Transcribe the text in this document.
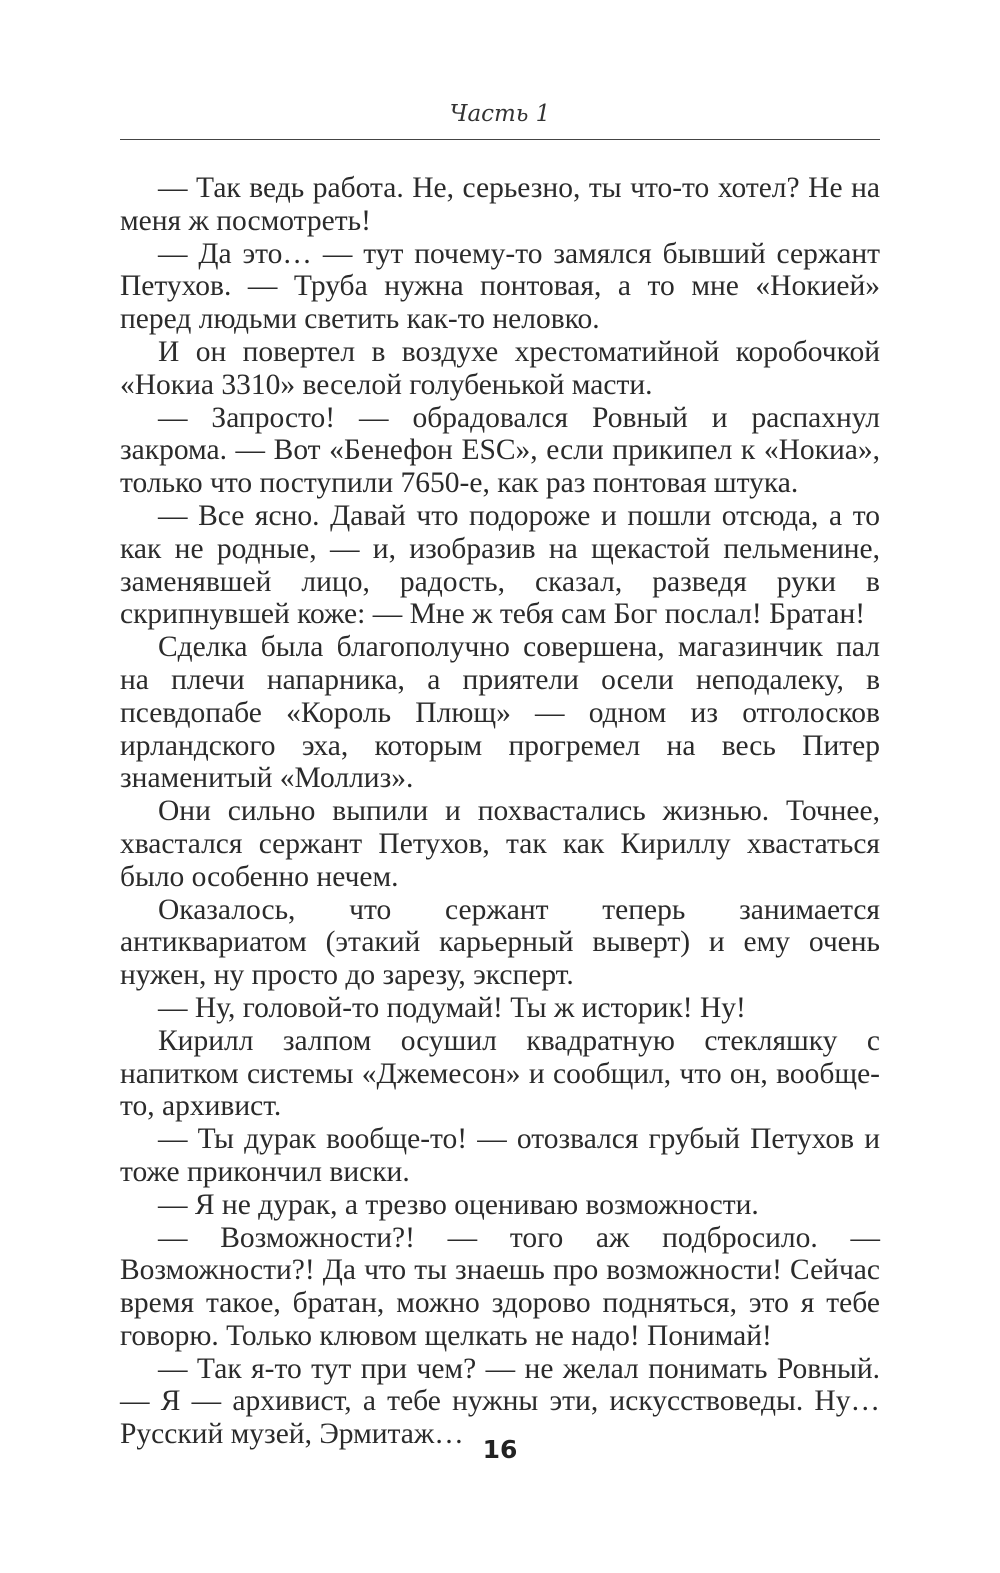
Часть 1

— Так ведь работа. Не, серьезно, ты что-то хотел? Не на меня ж посмотреть!

— Да это… — тут почему-то замялся бывший сержант Петухов. — Труба нужна понтовая, а то мне «Нокией» перед людьми светить как-то неловко.

И он повертел в воздухе хрестоматийной коробочкой «Нокиа 3310» веселой голубенькой масти.

— Запросто! — обрадовался Ровный и распахнул закрома. — Вот «Бенефон ESC», если прикипел к «Нокиа», только что поступили 7650-е, как раз понтовая штука.

— Все ясно. Давай что подороже и пошли отсюда, а то как не родные, — и, изобразив на щекастой пельменине, заменявшей лицо, радость, сказал, разведя руки в скрипнувшей коже: — Мне ж тебя сам Бог послал! Братан!

Сделка была благополучно совершена, магазинчик пал на плечи напарника, а приятели осели неподалеку, в псевдопабе «Король Плющ» — одном из отголосков ирландского эха, которым прогремел на весь Питер знаменитый «Моллиз».

Они сильно выпили и похвастались жизнью. Точнее, хвастался сержант Петухов, так как Кириллу хвастаться было особенно нечем.

Оказалось, что сержант теперь занимается антиквариатом (этакий карьерный выверт) и ему очень нужен, ну просто до зарезу, эксперт.

— Ну, головой-то подумай! Ты ж историк! Ну!

Кирилл залпом осушил квадратную стекляшку с напитком системы «Джемесон» и сообщил, что он, вообще-то, архивист.

— Ты дурак вообще-то! — отозвался грубый Петухов и тоже прикончил виски.

— Я не дурак, а трезво оцениваю возможности.

— Возможности?! — того аж подбросило. — Возможности?! Да что ты знаешь про возможности! Сейчас время такое, братан, можно здорово подняться, это я тебе говорю. Только клювом щелкать не надо! Понимай!

— Так я-то тут при чем? — не желал понимать Ровный. — Я — архивист, а тебе нужны эти, искусствоведы. Ну… Русский музей, Эрмитаж… 16
